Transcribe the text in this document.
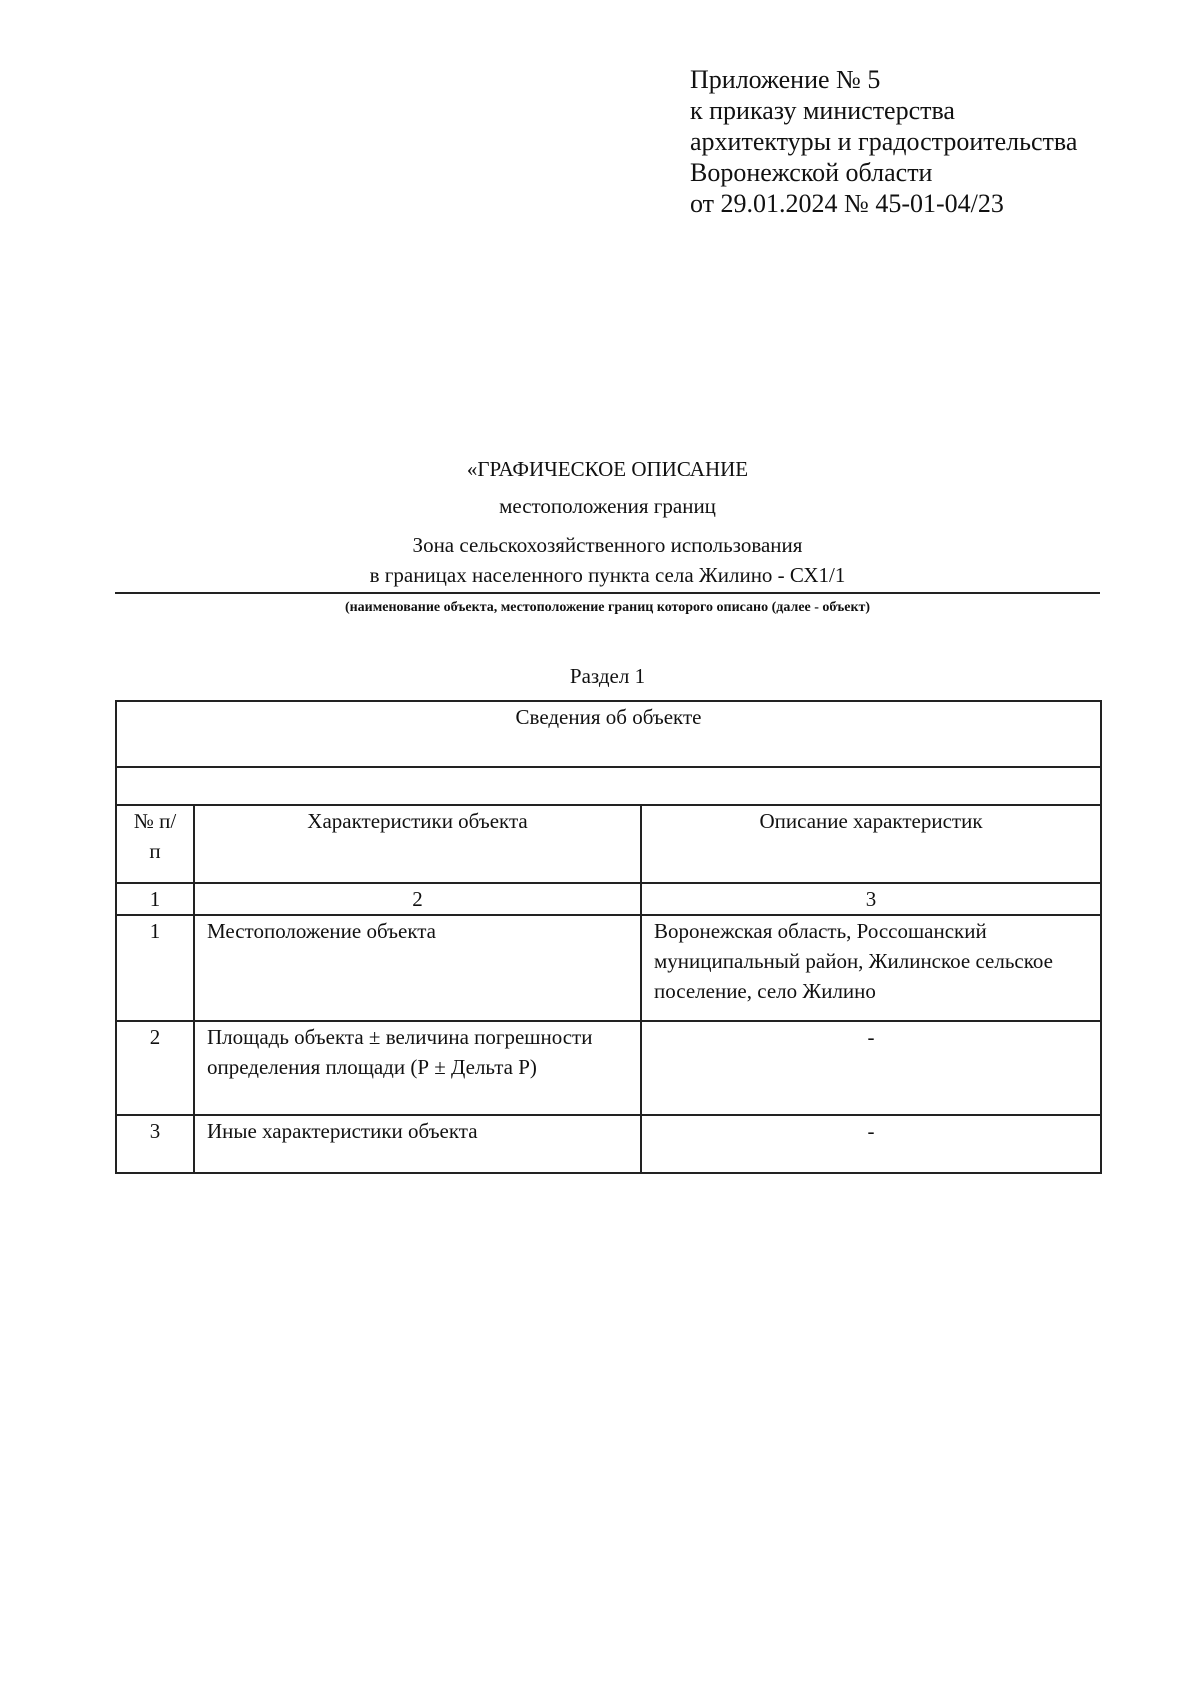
Приложение № 5
к приказу министерства
архитектуры и градостроительства
Воронежской области
от 29.01.2024 № 45-01-04/23
«ГРАФИЧЕСКОЕ ОПИСАНИЕ
местоположения границ
Зона сельскохозяйственного использования
в границах населенного пункта села Жилино - СХ1/1
(наименование объекта, местоположение границ которого описано (далее - объект)
Раздел 1
Сведения об объекте		

№ п/п	Характеристики объекта	Описание характеристик
1	2	3
1	Местоположение объекта	Воронежская область, Россошанский муниципальный район, Жилинское сельское поселение, село Жилино
2	Площадь объекта ± величина погрешности определения площади (Р ± Дельта Р)	-
3	Иные характеристики объекта	-
